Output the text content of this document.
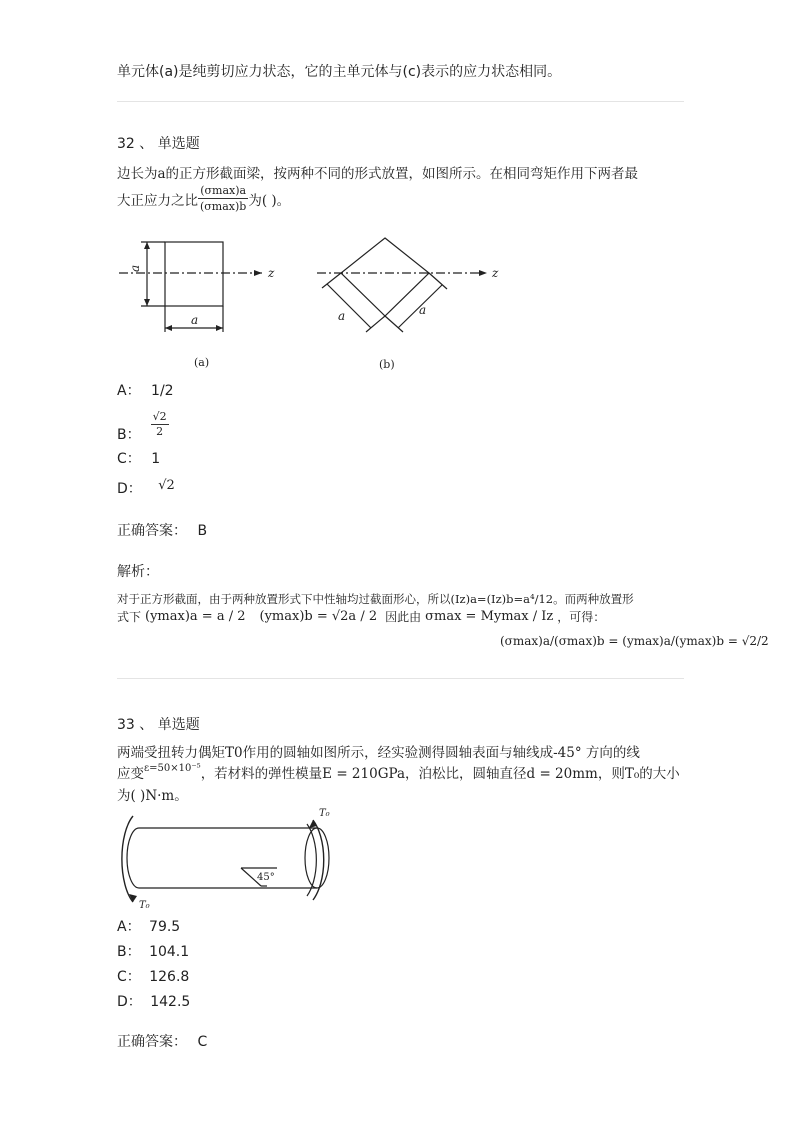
单元体(a)是纯剪切应力状态，它的主单元体与(c)表示的应力状态相同。
32 、 单选题
边长为a的正方形截面梁，按两种不同的形式放置，如图所示。在相同弯矩作用下两者最
大正应力之比 $\frac{(\sigma\max)a}{(\sigma\max)b}$ 为( )。
a
a
z
a	a
z
(a)	(b)
A： 1/2
B： $\frac{√2}{2}$
C： 1
D： √2
正确答案： B
解析：
对于正方形截面，由于两种放置形式下中性轴均过截面形心，所以(Iz)a=(Iz)b=a⁴/12。而两种放置形
式下 (ymax)a = a / 2 (ymax)b = √2a / 2 因此由 σmax = Mymax / Iz ，可得：
(σmax)a/(σmax)b = (ymax)a/(ymax)b = √2/2
33 、 单选题
两端受扭转力偶矩T0作用的圆轴如图所示，经实验测得圆轴表面与轴线成-45° 方向的线
应变 ε=50×10⁻⁵ ，若材料的弹性模量E = 210GPa，泊松比，圆轴直径d = 20mm，则T₀的大小
为( )N·m。
T₀
T₀
45°
A： 79.5
B： 104.1
C： 126.8
D： 142.5
正确答案： C
